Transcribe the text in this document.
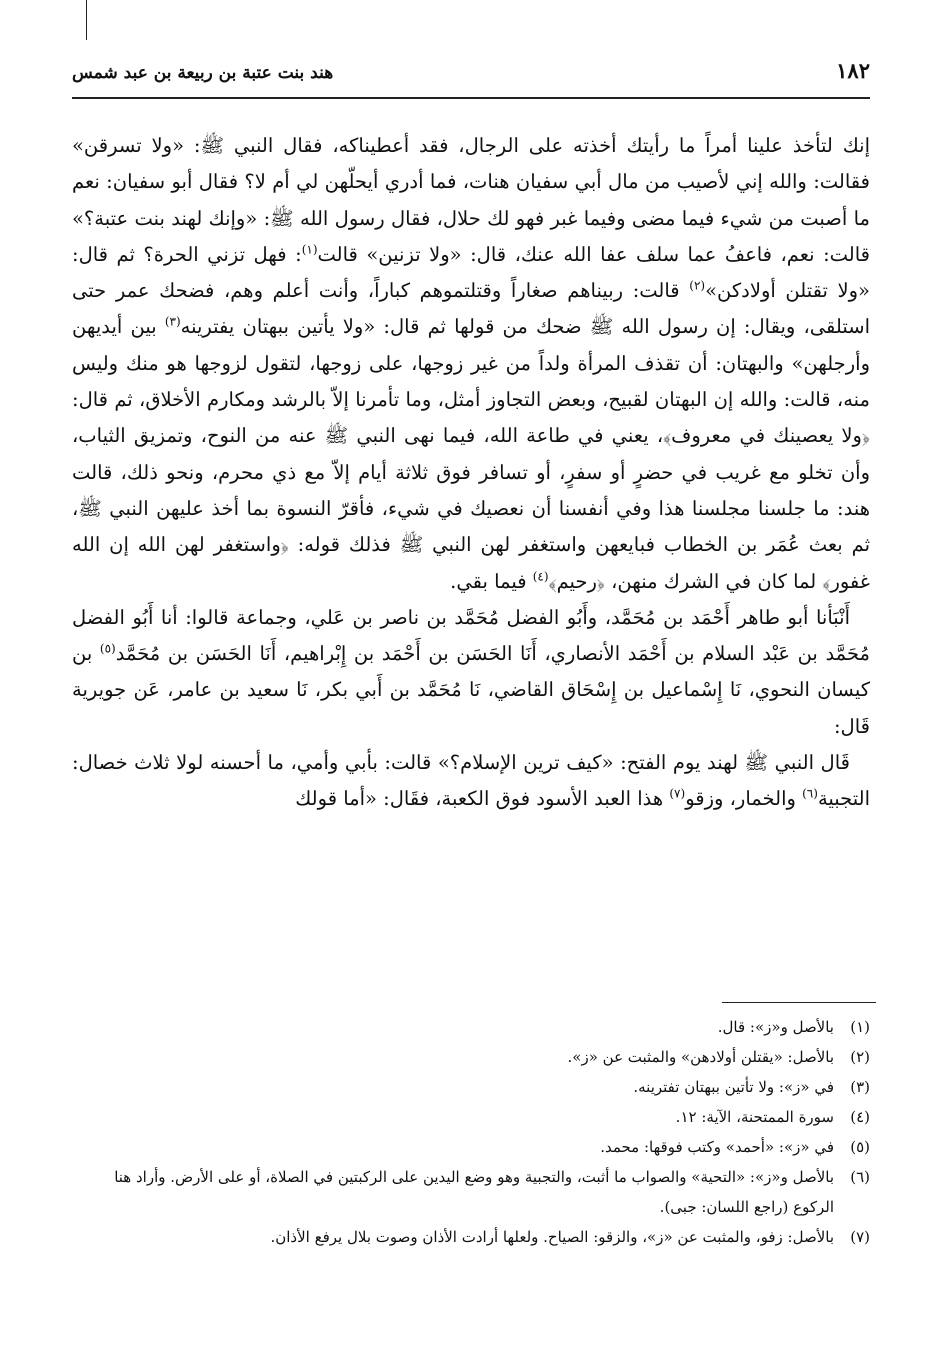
١٨٢
هند بنت عتبة بن ربيعة بن عبد شمس

إنك لتأخذ علينا أمراً ما رأيتك أخذته على الرجال، فقد أعطيناكه، فقال النبي ﷺ: «ولا تسرقن» فقالت: والله إني لأصيب من مال أبي سفيان هنات، فما أدري أيحلّهن لي أم لا؟ فقال أبو سفيان: نعم ما أصبت من شيء فيما مضى وفيما غبر فهو لك حلال، فقال رسول الله ﷺ: «وإنك لهند بنت عتبة؟» قالت: نعم، فاعفُ عما سلف عفا الله عنك، قال: «ولا تزنين» قالت$^{(١)}$: فهل تزني الحرة؟ ثم قال: «ولا تقتلن أولادكن»$^{(٢)}$ قالت: ربيناهم صغاراً وقتلتموهم كباراً، وأنت أعلم وهم، فضحك عمر حتى استلقى، ويقال: إن رسول الله ﷺ ضحك من قولها ثم قال: «ولا يأتين ببهتان يفترينه$^{(٣)}$ بين أيديهن وأرجلهن» والبهتان: أن تقذف المرأة ولداً من غير زوجها، على زوجها، لتقول لزوجها هو منك وليس منه، قالت: والله إن البهتان لقبيح، وبعض التجاوز أمثل، وما تأمرنا إلاّ بالرشد ومكارم الأخلاق، ثم قال: ﴿ولا يعصينك في معروف﴾، يعني في طاعة الله، فيما نهى النبي ﷺ عنه من النوح، وتمزيق الثياب، وأن تخلو مع غريب في حضرٍ أو سفرٍ، أو تسافر فوق ثلاثة أيام إلاّ مع ذي محرم، ونحو ذلك، قالت هند: ما جلسنا مجلسنا هذا وفي أنفسنا أن نعصيك في شيء، فأقرّ النسوة بما أخذ عليهن النبي ﷺ، ثم بعث عُمَر بن الخطاب فبايعهن واستغفر لهن النبي ﷺ فذلك قوله: ﴿واستغفر لهن الله إن الله غفور﴾ لما كان في الشرك منهن، ﴿رحيم﴾$^{(٤)}$ فيما بقي.

أَنْبَأنا أبو طاهر أَحْمَد بن مُحَمَّد، وأَبُو الفضل مُحَمَّد بن ناصر بن عَلي، وجماعة قالوا: أنا أَبُو الفضل مُحَمَّد بن عَبْد السلام بن أَحْمَد الأنصاري، أَنَا الحَسَن بن أَحْمَد بن إِبْراهيم، أَنَا الحَسَن بن مُحَمَّد$^{(٥)}$ بن كيسان النحوي، نَا إِسْماعيل بن إِسْحَاق القاضي، نَا مُحَمَّد بن أَبي بكر، نَا سعيد بن عامر، عَن جويرية قَال:

قَال النبي ﷺ لهند يوم الفتح: «كيف ترين الإسلام؟» قالت: بأبي وأمي، ما أحسنه لولا ثلاث خصال: التجبية$^{(٦)}$ والخمار، وزقو$^{(٧)}$ هذا العبد الأسود فوق الكعبة، فقَال: «أما قولك

(١)
بالأصل و«ز»: قال.
(٢)
بالأصل: «يقتلن أولادهن» والمثبت عن «ز».
(٣)
في «ز»: ولا تأتين ببهتان تفترينه.
(٤)
سورة الممتحنة، الآية: ١٢.
(٥)
في «ز»: «أحمد» وكتب فوقها: محمد.
(٦)
بالأصل و«ز»: «التحية» والصواب ما أثبت، والتجبية وهو وضع اليدين على الركبتين في الصلاة، أو على الأرض. وأراد هنا الركوع (راجع اللسان: جبى).
(٧)
بالأصل: زفو، والمثبت عن «ز»، والزقو: الصياح. ولعلها أرادت الأذان وصوت بلال يرفع الأذان.
